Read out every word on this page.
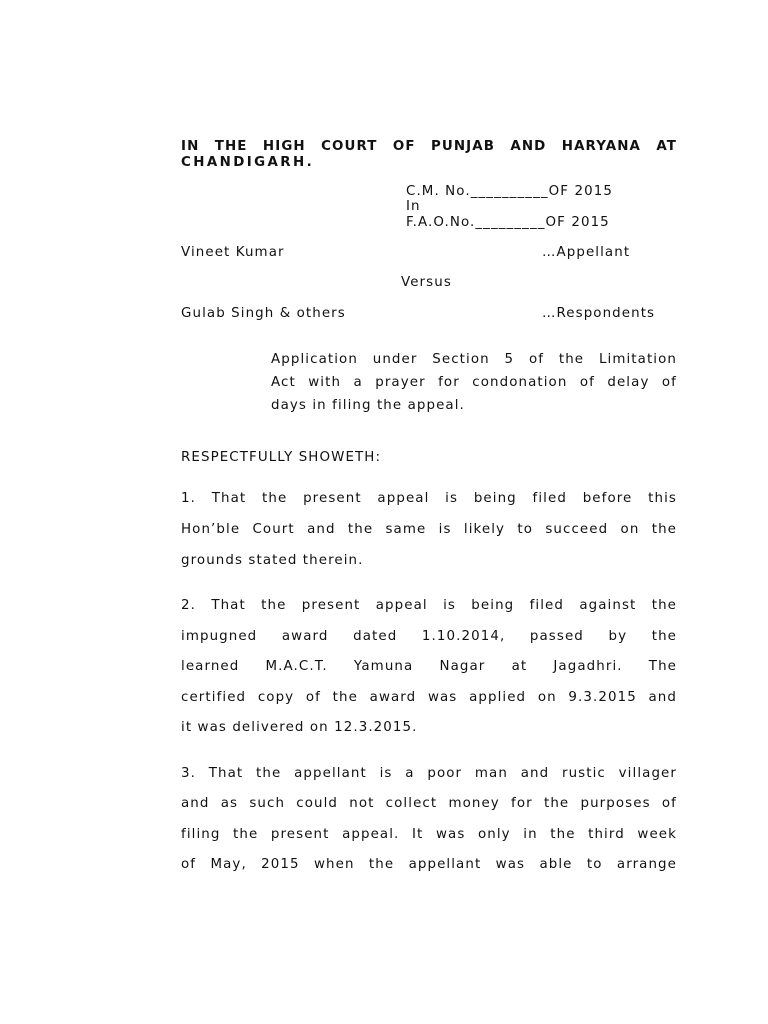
IN THE HIGH COURT OF PUNJAB AND HARYANA AT
CHANDIGARH.
C.M. No.__________OF 2015
In
F.A.O.No._________OF 2015
Vineet Kumar	…Appellant
Versus
Gulab Singh & others	…Respondents
Application under Section 5 of the Limitation
Act with a prayer for condonation of delay of
days in filing the appeal.
RESPECTFULLY SHOWETH:
1. That the present appeal is being filed before this
Hon’ble Court and the same is likely to succeed on the
grounds stated therein.
2. That the present appeal is being filed against the
impugned award dated 1.10.2014, passed by the
learned M.A.C.T. Yamuna Nagar at Jagadhri. The
certified copy of the award was applied on 9.3.2015 and
it was delivered on 12.3.2015.
3. That the appellant is a poor man and rustic villager
and as such could not collect money for the purposes of
filing the present appeal. It was only in the third week
of May, 2015 when the appellant was able to arrange
